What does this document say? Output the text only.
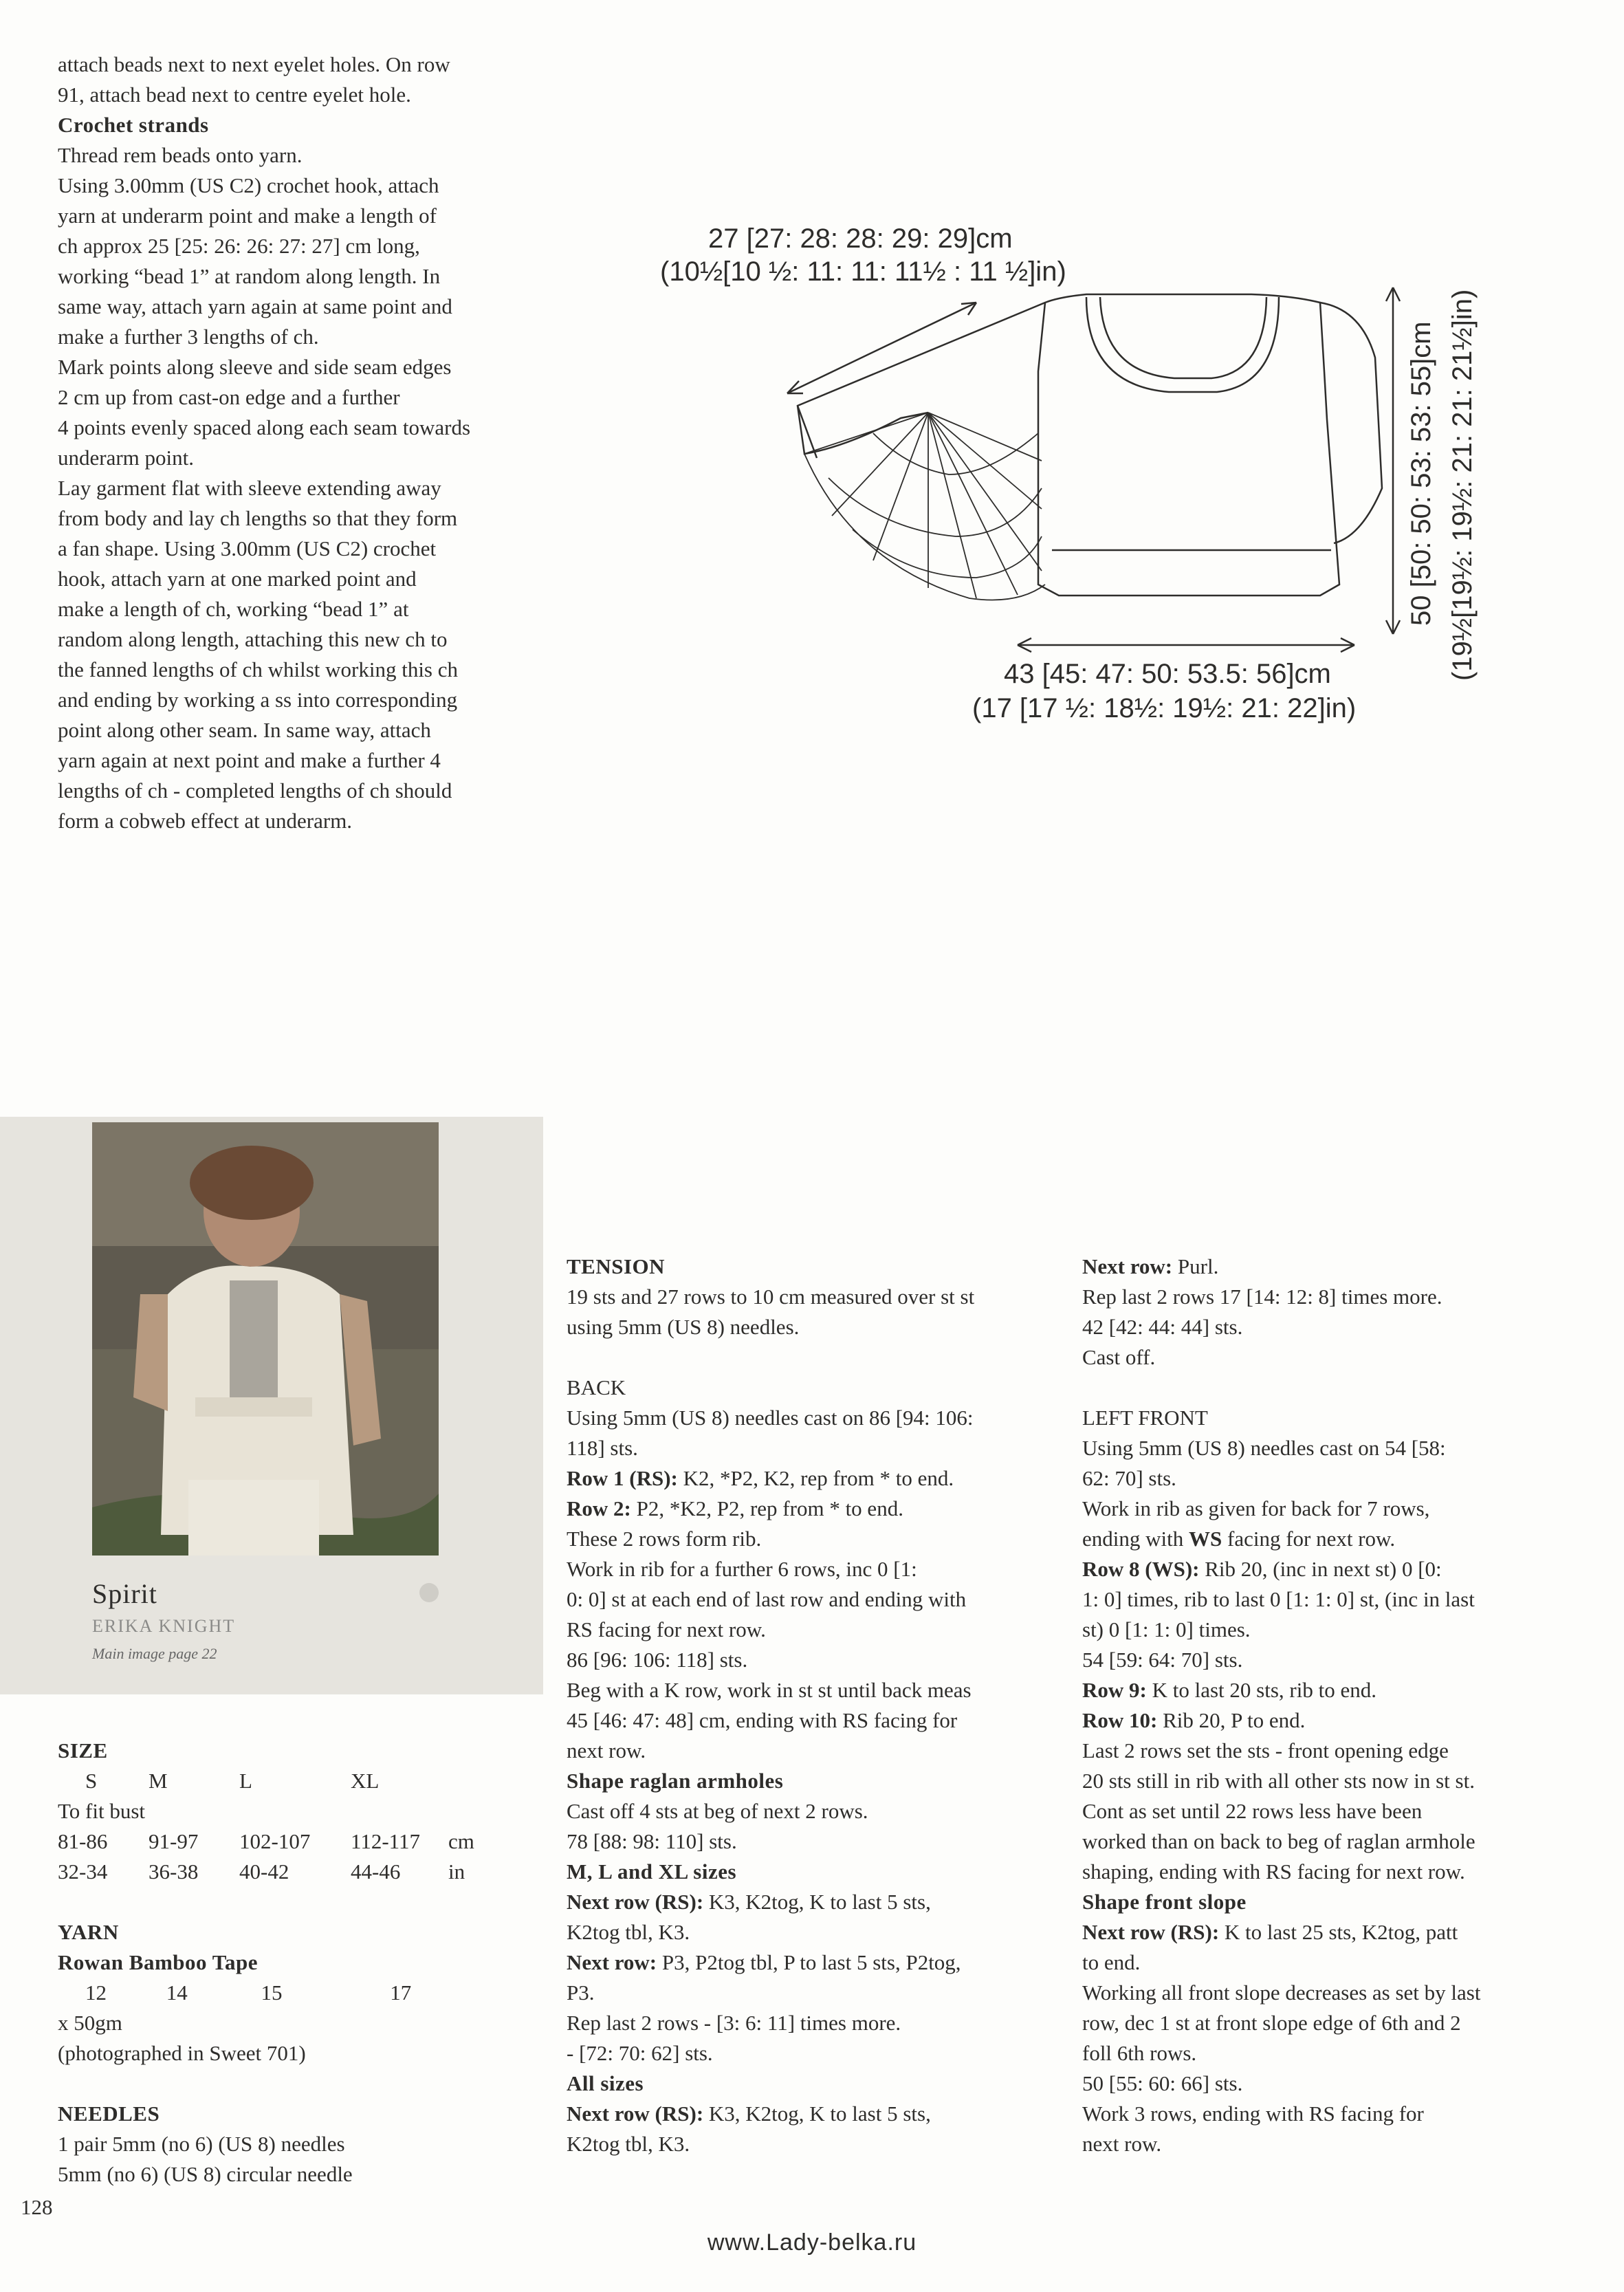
attach beads next to next eyelet holes. On row

91, attach bead next to centre eyelet hole.

Crochet strands

Thread rem beads onto yarn.

Using 3.00mm (US C2) crochet hook, attach

yarn at underarm point and make a length of

ch approx 25 [25: 26: 26: 27: 27] cm long,

working “bead 1” at random along length. In

same way, attach yarn again at same point and

make a further 3 lengths of ch.

Mark points along sleeve and side seam edges

2 cm up from cast-on edge and a further

4 points evenly spaced along each seam towards

underarm point.

Lay garment flat with sleeve extending away

from body and lay ch lengths so that they form

a fan shape. Using 3.00mm (US C2) crochet

hook, attach yarn at one marked point and

make a length of ch, working “bead 1” at

random along length, attaching this new ch to

the fanned lengths of ch whilst working this ch

and ending by working a ss into corresponding

point along other seam. In same way, attach

yarn again at next point and make a further 4

lengths of ch - completed lengths of ch should

form a cobweb effect at underarm.

27 [27: 28: 28: 29: 29]cm
(10½[10 ½: 11: 11: 11½ : 11 ½]in)
43 [45: 47: 50: 53.5: 56]cm
(17 [17 ½: 18½: 19½: 21: 22]in)
50 [50: 50: 53: 53: 55]cm (19½[19½: 19½: 21: 21: 21½]in)
Spirit
ERIKA KNIGHT
Main image page 22

SIZE

S	M	L	XL

To fit bust

81-86	91-97	102-107	112-117	cm
32-34	36-38	40-42	44-46	in

YARN

Rowan Bamboo Tape

12	14	15	17 x 50gm

(photographed in Sweet 701)

NEEDLES

1 pair 5mm (no 6) (US 8) needles

5mm (no 6) (US 8) circular needle

TENSION

19 sts and 27 rows to 10 cm measured over st st

using 5mm (US 8) needles.

BACK

Using 5mm (US 8) needles cast on 86 [94: 106:

118] sts.

Row 1 (RS): K2, *P2, K2, rep from * to end.

Row 2: P2, *K2, P2, rep from * to end.

These 2 rows form rib.

Work in rib for a further 6 rows, inc 0 [1:

0: 0] st at each end of last row and ending with

RS facing for next row.

86 [96: 106: 118] sts.

Beg with a K row, work in st st until back meas

45 [46: 47: 48] cm, ending with RS facing for

next row.

Shape raglan armholes

Cast off 4 sts at beg of next 2 rows.

78 [88: 98: 110] sts.

M, L and XL sizes

Next row (RS): K3, K2tog, K to last 5 sts,

K2tog tbl, K3.

Next row: P3, P2tog tbl, P to last 5 sts, P2tog,

P3.

Rep last 2 rows - [3: 6: 11] times more.

- [72: 70: 62] sts.

All sizes

Next row (RS): K3, K2tog, K to last 5 sts,

K2tog tbl, K3.

Next row: Purl.

Rep last 2 rows 17 [14: 12: 8] times more.

42 [42: 44: 44] sts.

Cast off.

LEFT FRONT

Using 5mm (US 8) needles cast on 54 [58:

62: 70] sts.

Work in rib as given for back for 7 rows,

ending with WS facing for next row.

Row 8 (WS): Rib 20, (inc in next st) 0 [0:

1: 0] times, rib to last 0 [1: 1: 0] st, (inc in last

st) 0 [1: 1: 0] times.

54 [59: 64: 70] sts.

Row 9: K to last 20 sts, rib to end.

Row 10: Rib 20, P to end.

Last 2 rows set the sts - front opening edge

20 sts still in rib with all other sts now in st st.

Cont as set until 22 rows less have been

worked than on back to beg of raglan armhole

shaping, ending with RS facing for next row.

Shape front slope

Next row (RS): K to last 25 sts, K2tog, patt

to end.

Working all front slope decreases as set by last

row, dec 1 st at front slope edge of 6th and 2

foll 6th rows.

50 [55: 60: 66] sts.

Work 3 rows, ending with RS facing for

next row.

128
www.Lady-belka.ru
